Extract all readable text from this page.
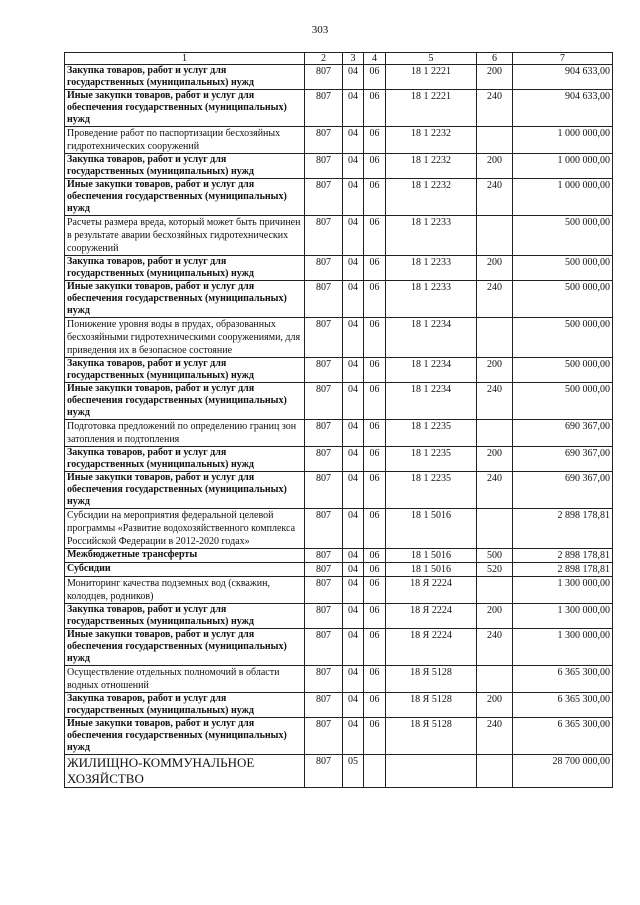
303
1	2	3	4	5	6	7
Закупка товаров, работ и услуг для государственных (муниципальных) нужд	807	04	06	18 1 2221	200	904 633,00
Иные закупки товаров, работ и услуг для обеспечения государственных (муниципальных) нужд	807	04	06	18 1 2221	240	904 633,00
Проведение работ по паспортизации бесхозяйных гидротехнических сооружений	807	04	06	18 1 2232		1 000 000,00
Закупка товаров, работ и услуг для государственных (муниципальных) нужд	807	04	06	18 1 2232	200	1 000 000,00
Иные закупки товаров, работ и услуг для обеспечения государственных (муниципальных) нужд	807	04	06	18 1 2232	240	1 000 000,00
Расчеты размера вреда, который может быть причинен в результате аварии бесхозяйных гидротехнических сооружений	807	04	06	18 1 2233		500 000,00
Закупка товаров, работ и услуг для государственных (муниципальных) нужд	807	04	06	18 1 2233	200	500 000,00
Иные закупки товаров, работ и услуг для обеспечения государственных (муниципальных) нужд	807	04	06	18 1 2233	240	500 000,00
Понижение уровня воды в прудах, образованных бесхозяйными гидротехническими сооружениями, для приведения их в безопасное состояние	807	04	06	18 1 2234		500 000,00
Закупка товаров, работ и услуг для государственных (муниципальных) нужд	807	04	06	18 1 2234	200	500 000,00
Иные закупки товаров, работ и услуг для обеспечения государственных (муниципальных) нужд	807	04	06	18 1 2234	240	500 000,00
Подготовка предложений по определению границ зон затопления и подтопления	807	04	06	18 1 2235		690 367,00
Закупка товаров, работ и услуг для государственных (муниципальных) нужд	807	04	06	18 1 2235	200	690 367,00
Иные закупки товаров, работ и услуг для обеспечения государственных (муниципальных) нужд	807	04	06	18 1 2235	240	690 367,00
Субсидии на мероприятия федеральной целевой программы «Развитие водохозяйственного комплекса Российской Федерации в 2012-2020 годах»	807	04	06	18 1 5016		2 898 178,81
Межбюджетные трансферты	807	04	06	18 1 5016	500	2 898 178,81
Субсидии	807	04	06	18 1 5016	520	2 898 178,81
Мониторинг качества подземных вод (скважин, колодцев, родников)	807	04	06	18 Я 2224		1 300 000,00
Закупка товаров, работ и услуг для государственных (муниципальных) нужд	807	04	06	18 Я 2224	200	1 300 000,00
Иные закупки товаров, работ и услуг для обеспечения государственных (муниципальных) нужд	807	04	06	18 Я 2224	240	1 300 000,00
Осуществление отдельных полномочий в области водных отношений	807	04	06	18 Я 5128		6 365 300,00
Закупка товаров, работ и услуг для государственных (муниципальных) нужд	807	04	06	18 Я 5128	200	6 365 300,00
Иные закупки товаров, работ и услуг для обеспечения государственных (муниципальных) нужд	807	04	06	18 Я 5128	240	6 365 300,00
ЖИЛИЩНО-КОММУНАЛЬНОЕ ХОЗЯЙСТВО	807	05				28 700 000,00
